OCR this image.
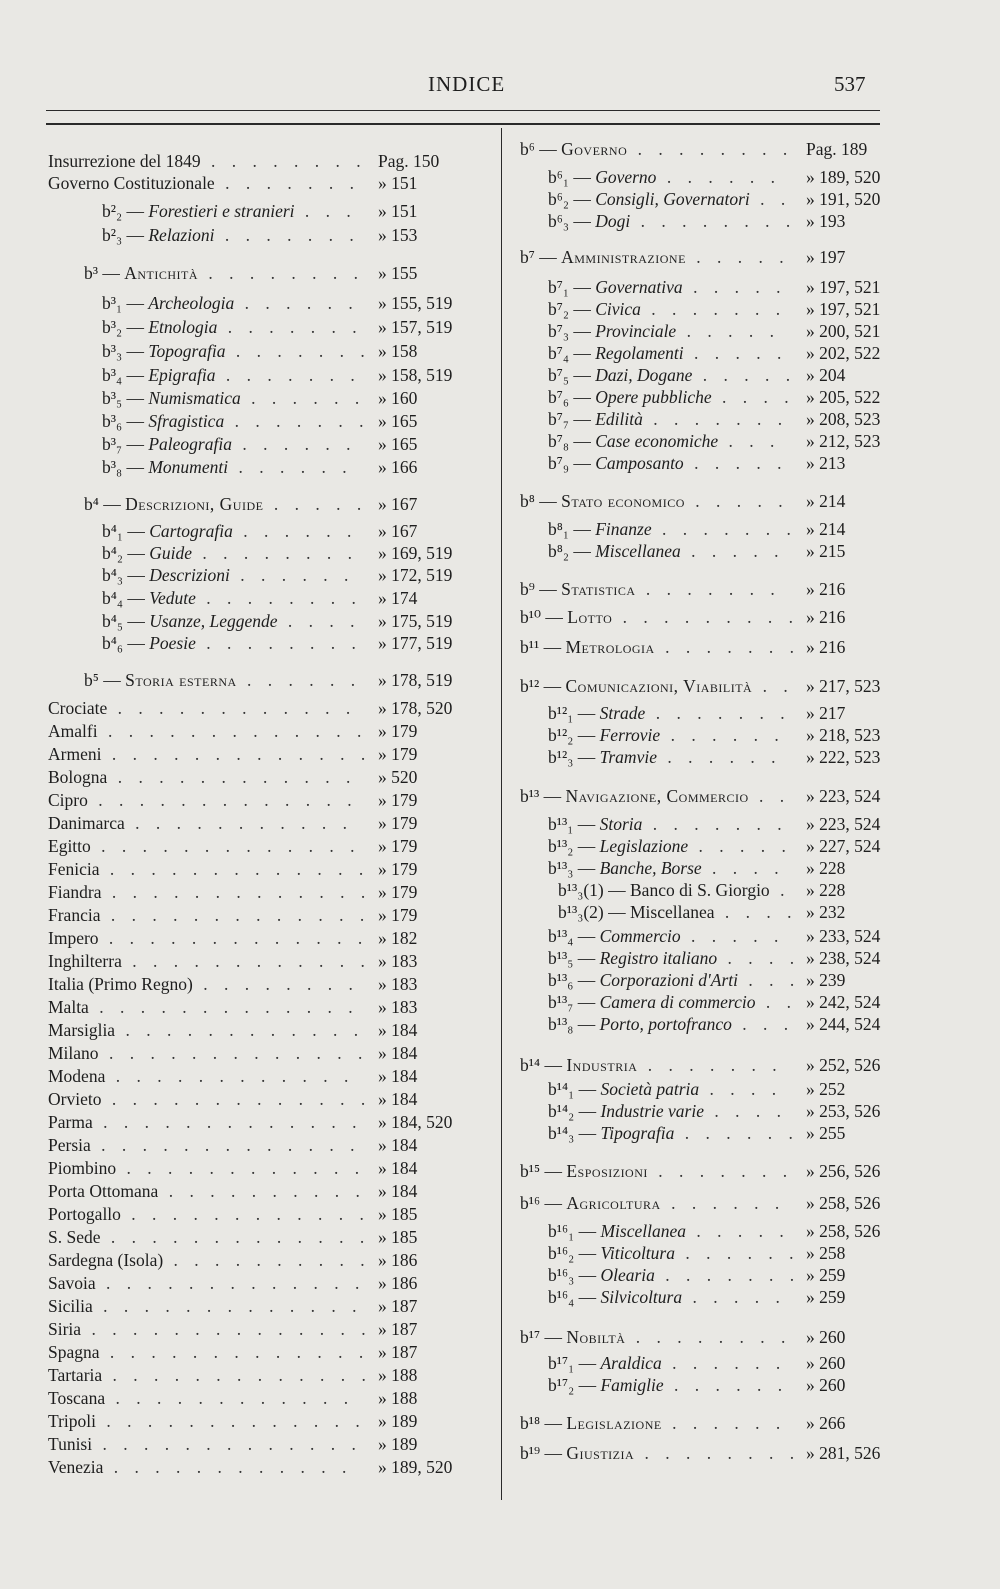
INDICE	537
Insurrezione del 1849 . . . . . . . . Pag. 150
Governo Costituzionale . . . . . . . » 151
b²₂ — Forestieri e stranieri . . . » 151
b²₃ — Relazioni . . . . . . . » 153
b³ — Antichità . . . . . . . . » 155
b³₁ — Archeologia . . . . . . » 155, 519
b³₂ — Etnologia . . . . . . . » 157, 519
b³₃ — Topografia . . . . . . . » 158
b³₄ — Epigrafia . . . . . . . » 158, 519
b³₅ — Numismatica . . . . . . » 160
b³₆ — Sfragistica . . . . . . . » 165
b³₇ — Paleografia . . . . . . » 165
b³₈ — Monumenti . . . . . . » 166
b⁴ — Descrizioni, Guide . . . . . » 167
b⁴₁ — Cartografia . . . . . . » 167
b⁴₂ — Guide . . . . . . . . » 169, 519
b⁴₃ — Descrizioni . . . . . . » 172, 519
b⁴₄ — Vedute . . . . . . . . » 174
b⁴₅ — Usanze, Leggende . . . . » 175, 519
b⁴₆ — Poesie . . . . . . . . » 177, 519
b⁵ — Storia esterna . . . . . . » 178, 519
Crociate . . . . . . . . . . . . » 178, 520
Amalfi . . . . . . . . . . . . . » 179
Armeni . . . . . . . . . . . . . » 179
Bologna . . . . . . . . . . . . » 520
Cipro . . . . . . . . . . . . . » 179
Danimarca . . . . . . . . . . . » 179
Egitto . . . . . . . . . . . . . » 179
Fenicia . . . . . . . . . . . . . » 179
Fiandra . . . . . . . . . . . . . » 179
Francia . . . . . . . . . . . . . » 179
Impero . . . . . . . . . . . . . » 182
Inghilterra . . . . . . . . . . . . » 183
Italia (Primo Regno) . . . . . . . . » 183
Malta . . . . . . . . . . . . . » 183
Marsiglia . . . . . . . . . . . . » 184
Milano . . . . . . . . . . . . . » 184
Modena . . . . . . . . . . . . » 184
Orvieto . . . . . . . . . . . . . » 184
Parma . . . . . . . . . . . . . » 184, 520
Persia . . . . . . . . . . . . . » 184
Piombino . . . . . . . . . . . . » 184
Porta Ottomana . . . . . . . . . . » 184
Portogallo . . . . . . . . . . . . » 185
S. Sede . . . . . . . . . . . . . » 185
Sardegna (Isola) . . . . . . . . . . » 186
Savoia . . . . . . . . . . . . . » 186
Sicilia . . . . . . . . . . . . . » 187
Siria . . . . . . . . . . . . . . » 187
Spagna . . . . . . . . . . . . . » 187
Tartaria . . . . . . . . . . . . . » 188
Toscana . . . . . . . . . . . . » 188
Tripoli . . . . . . . . . . . . . » 189
Tunisi . . . . . . . . . . . . . » 189
Venezia . . . . . . . . . . . . » 189, 520
b⁶ — Governo . . . . . . . . Pag. 189
b⁶₁ — Governo . . . . . . » 189, 520
b⁶₂ — Consigli, Governatori . . » 191, 520
b⁶₃ — Dogi . . . . . . . . » 193
b⁷ — Amministrazione . . . . . » 197
b⁷₁ — Governativa . . . . . » 197, 521
b⁷₂ — Civica . . . . . . . » 197, 521
b⁷₃ — Provinciale . . . . . » 200, 521
b⁷₄ — Regolamenti . . . . . » 202, 522
b⁷₅ — Dazi, Dogane . . . . . » 204
b⁷₆ — Opere pubbliche . . . . » 205, 522
b⁷₇ — Edilità . . . . . . . » 208, 523
b⁷₈ — Case economiche . . . » 212, 523
b⁷₉ — Camposanto . . . . . » 213
b⁸ — Stato economico . . . . . » 214
b⁸₁ — Finanze . . . . . . . » 214
b⁸₂ — Miscellanea . . . . . » 215
b⁹ — Statistica . . . . . . . » 216
b¹⁰ — Lotto . . . . . . . . . » 216
b¹¹ — Metrologia . . . . . . . » 216
b¹² — Comunicazioni, Viabilità . . » 217, 523
b¹²₁ — Strade . . . . . . . » 217
b¹²₂ — Ferrovie . . . . . . » 218, 523
b¹²₃ — Tramvie . . . . . . » 222, 523
b¹³ — Navigazione, Commercio . . » 223, 524
b¹³₁ — Storia . . . . . . . » 223, 524
b¹³₂ — Legislazione . . . . . » 227, 524
b¹³₃ — Banche, Borse . . . . » 228
b¹³₃(1) — Banco di S. Giorgio . » 228
b¹³₃(2) — Miscellanea . . . . » 232
b¹³₄ — Commercio . . . . . » 233, 524
b¹³₅ — Registro italiano . . . . » 238, 524
b¹³₆ — Corporazioni d'Arti . . . » 239
b¹³₇ — Camera di commercio . . » 242, 524
b¹³₈ — Porto, portofranco . . . » 244, 524
b¹⁴ — Industria . . . . . . . » 252, 526
b¹⁴₁ — Società patria . . . . » 252
b¹⁴₂ — Industrie varie . . . . » 253, 526
b¹⁴₃ — Tipografia . . . . . . » 255
b¹⁵ — Esposizioni . . . . . . . » 256, 526
b¹⁶ — Agricoltura . . . . . . » 258, 526
b¹⁶₁ — Miscellanea . . . . . » 258, 526
b¹⁶₂ — Viticoltura . . . . . . » 258
b¹⁶₃ — Olearia . . . . . . . » 259
b¹⁶₄ — Silvicoltura . . . . . » 259
b¹⁷ — Nobiltà . . . . . . . . » 260
b¹⁷₁ — Araldica . . . . . . » 260
b¹⁷₂ — Famiglie . . . . . . » 260
b¹⁸ — Legislazione . . . . . . » 266
b¹⁹ — Giustizia . . . . . . . . » 281, 526
